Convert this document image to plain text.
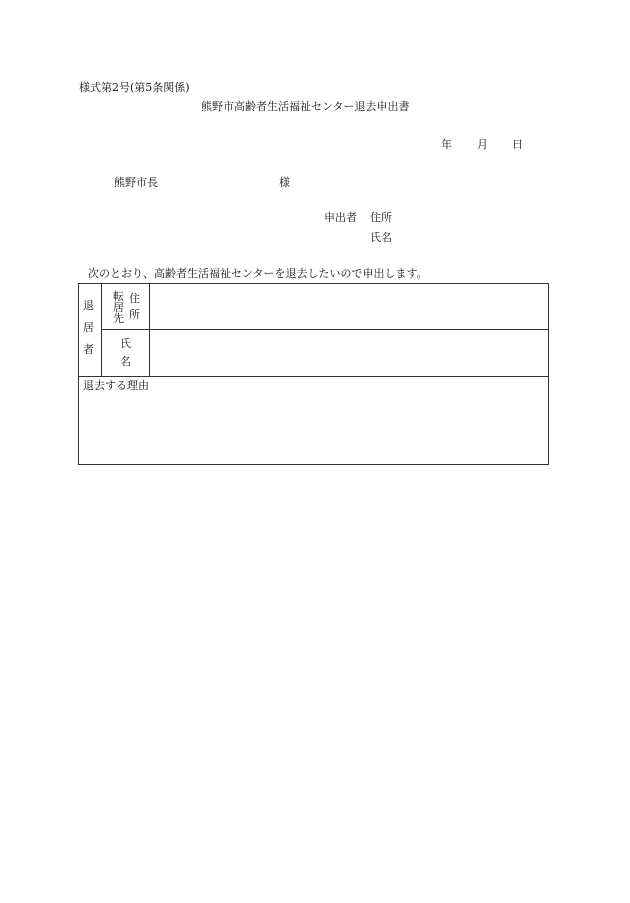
様式第2号(第5条関係)
熊野市高齢者生活福祉センター退去申出書
年 月 日
熊野市長	様
申出者 住所
氏名
次のとおり、高齢者生活福祉センターを退去したいので申出します。
退
居
者
転
居
先
住
所
氏
名
退去する理由
